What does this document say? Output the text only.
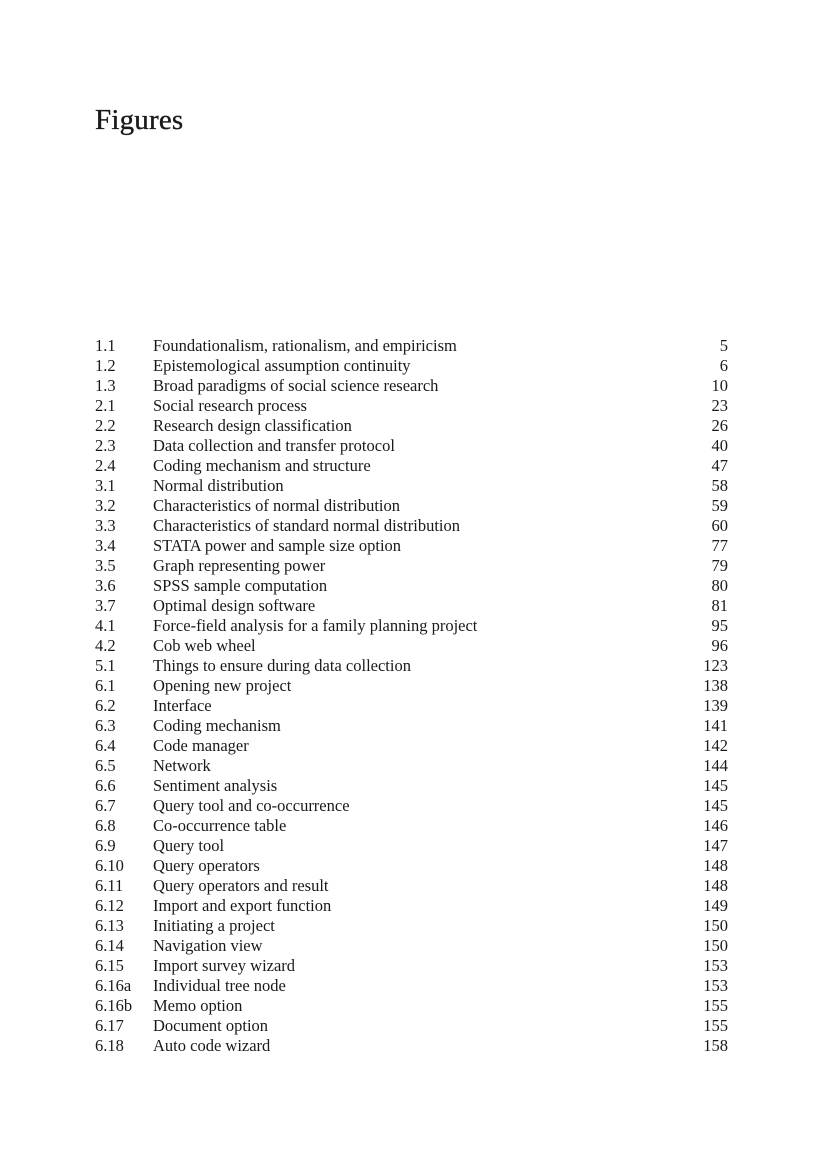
Figures
1.1	Foundationalism, rationalism, and empiricism	5
1.2	Epistemological assumption continuity	6
1.3	Broad paradigms of social science research	10
2.1	Social research process	23
2.2	Research design classification	26
2.3	Data collection and transfer protocol	40
2.4	Coding mechanism and structure	47
3.1	Normal distribution	58
3.2	Characteristics of normal distribution	59
3.3	Characteristics of standard normal distribution	60
3.4	STATA power and sample size option	77
3.5	Graph representing power	79
3.6	SPSS sample computation	80
3.7	Optimal design software	81
4.1	Force-field analysis for a family planning project	95
4.2	Cob web wheel	96
5.1	Things to ensure during data collection	123
6.1	Opening new project	138
6.2	Interface	139
6.3	Coding mechanism	141
6.4	Code manager	142
6.5	Network	144
6.6	Sentiment analysis	145
6.7	Query tool and co-occurrence	145
6.8	Co-occurrence table	146
6.9	Query tool	147
6.10	Query operators	148
6.11	Query operators and result	148
6.12	Import and export function	149
6.13	Initiating a project	150
6.14	Navigation view	150
6.15	Import survey wizard	153
6.16a	Individual tree node	153
6.16b	Memo option	155
6.17	Document option	155
6.18	Auto code wizard	158
